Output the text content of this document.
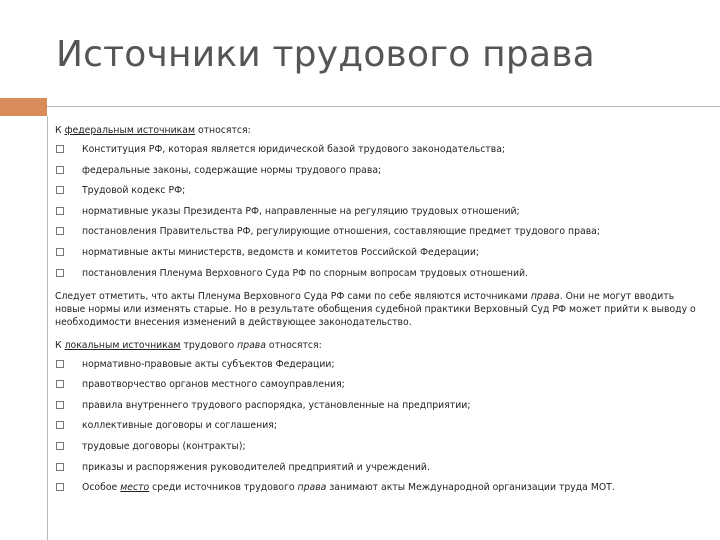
Источники трудового права

К федеральным источникам относятся:

Конституция РФ, которая является юридической базой трудового законодательства;
федеральные законы, содержащие нормы трудового права;
Трудовой кодекс РФ;
нормативные указы Президента РФ, направленные на регуляцию трудовых отношений;
постановления Правительства РФ, регулирующие отношения, составляющие предмет трудового права;
нормативные акты министерств, ведомств и комитетов Российской Федерации;
постановления Пленума Верховного Суда РФ по спорным вопросам трудовых отношений.

Следует отметить, что акты Пленума Верховного Суда РФ сами по себе являются источниками права. Они не могут вводить новые нормы или изменять старые. Но в результате обобщения судебной практики Верховный Суд РФ может прийти к выводу о необходимости внесения изменений в действующее законодательство.

К локальным источникам трудового права относятся:

нормативно-правовые акты субъектов Федерации;
правотворчество органов местного самоуправления;
правила внутреннего трудового распорядка, установленные на предприятии;
коллективные договоры и соглашения;
трудовые договоры (контракты);
приказы и распоряжения руководителей предприятий и учреждений.
Особое место среди источников трудового права занимают акты Международной организации труда МОТ.
